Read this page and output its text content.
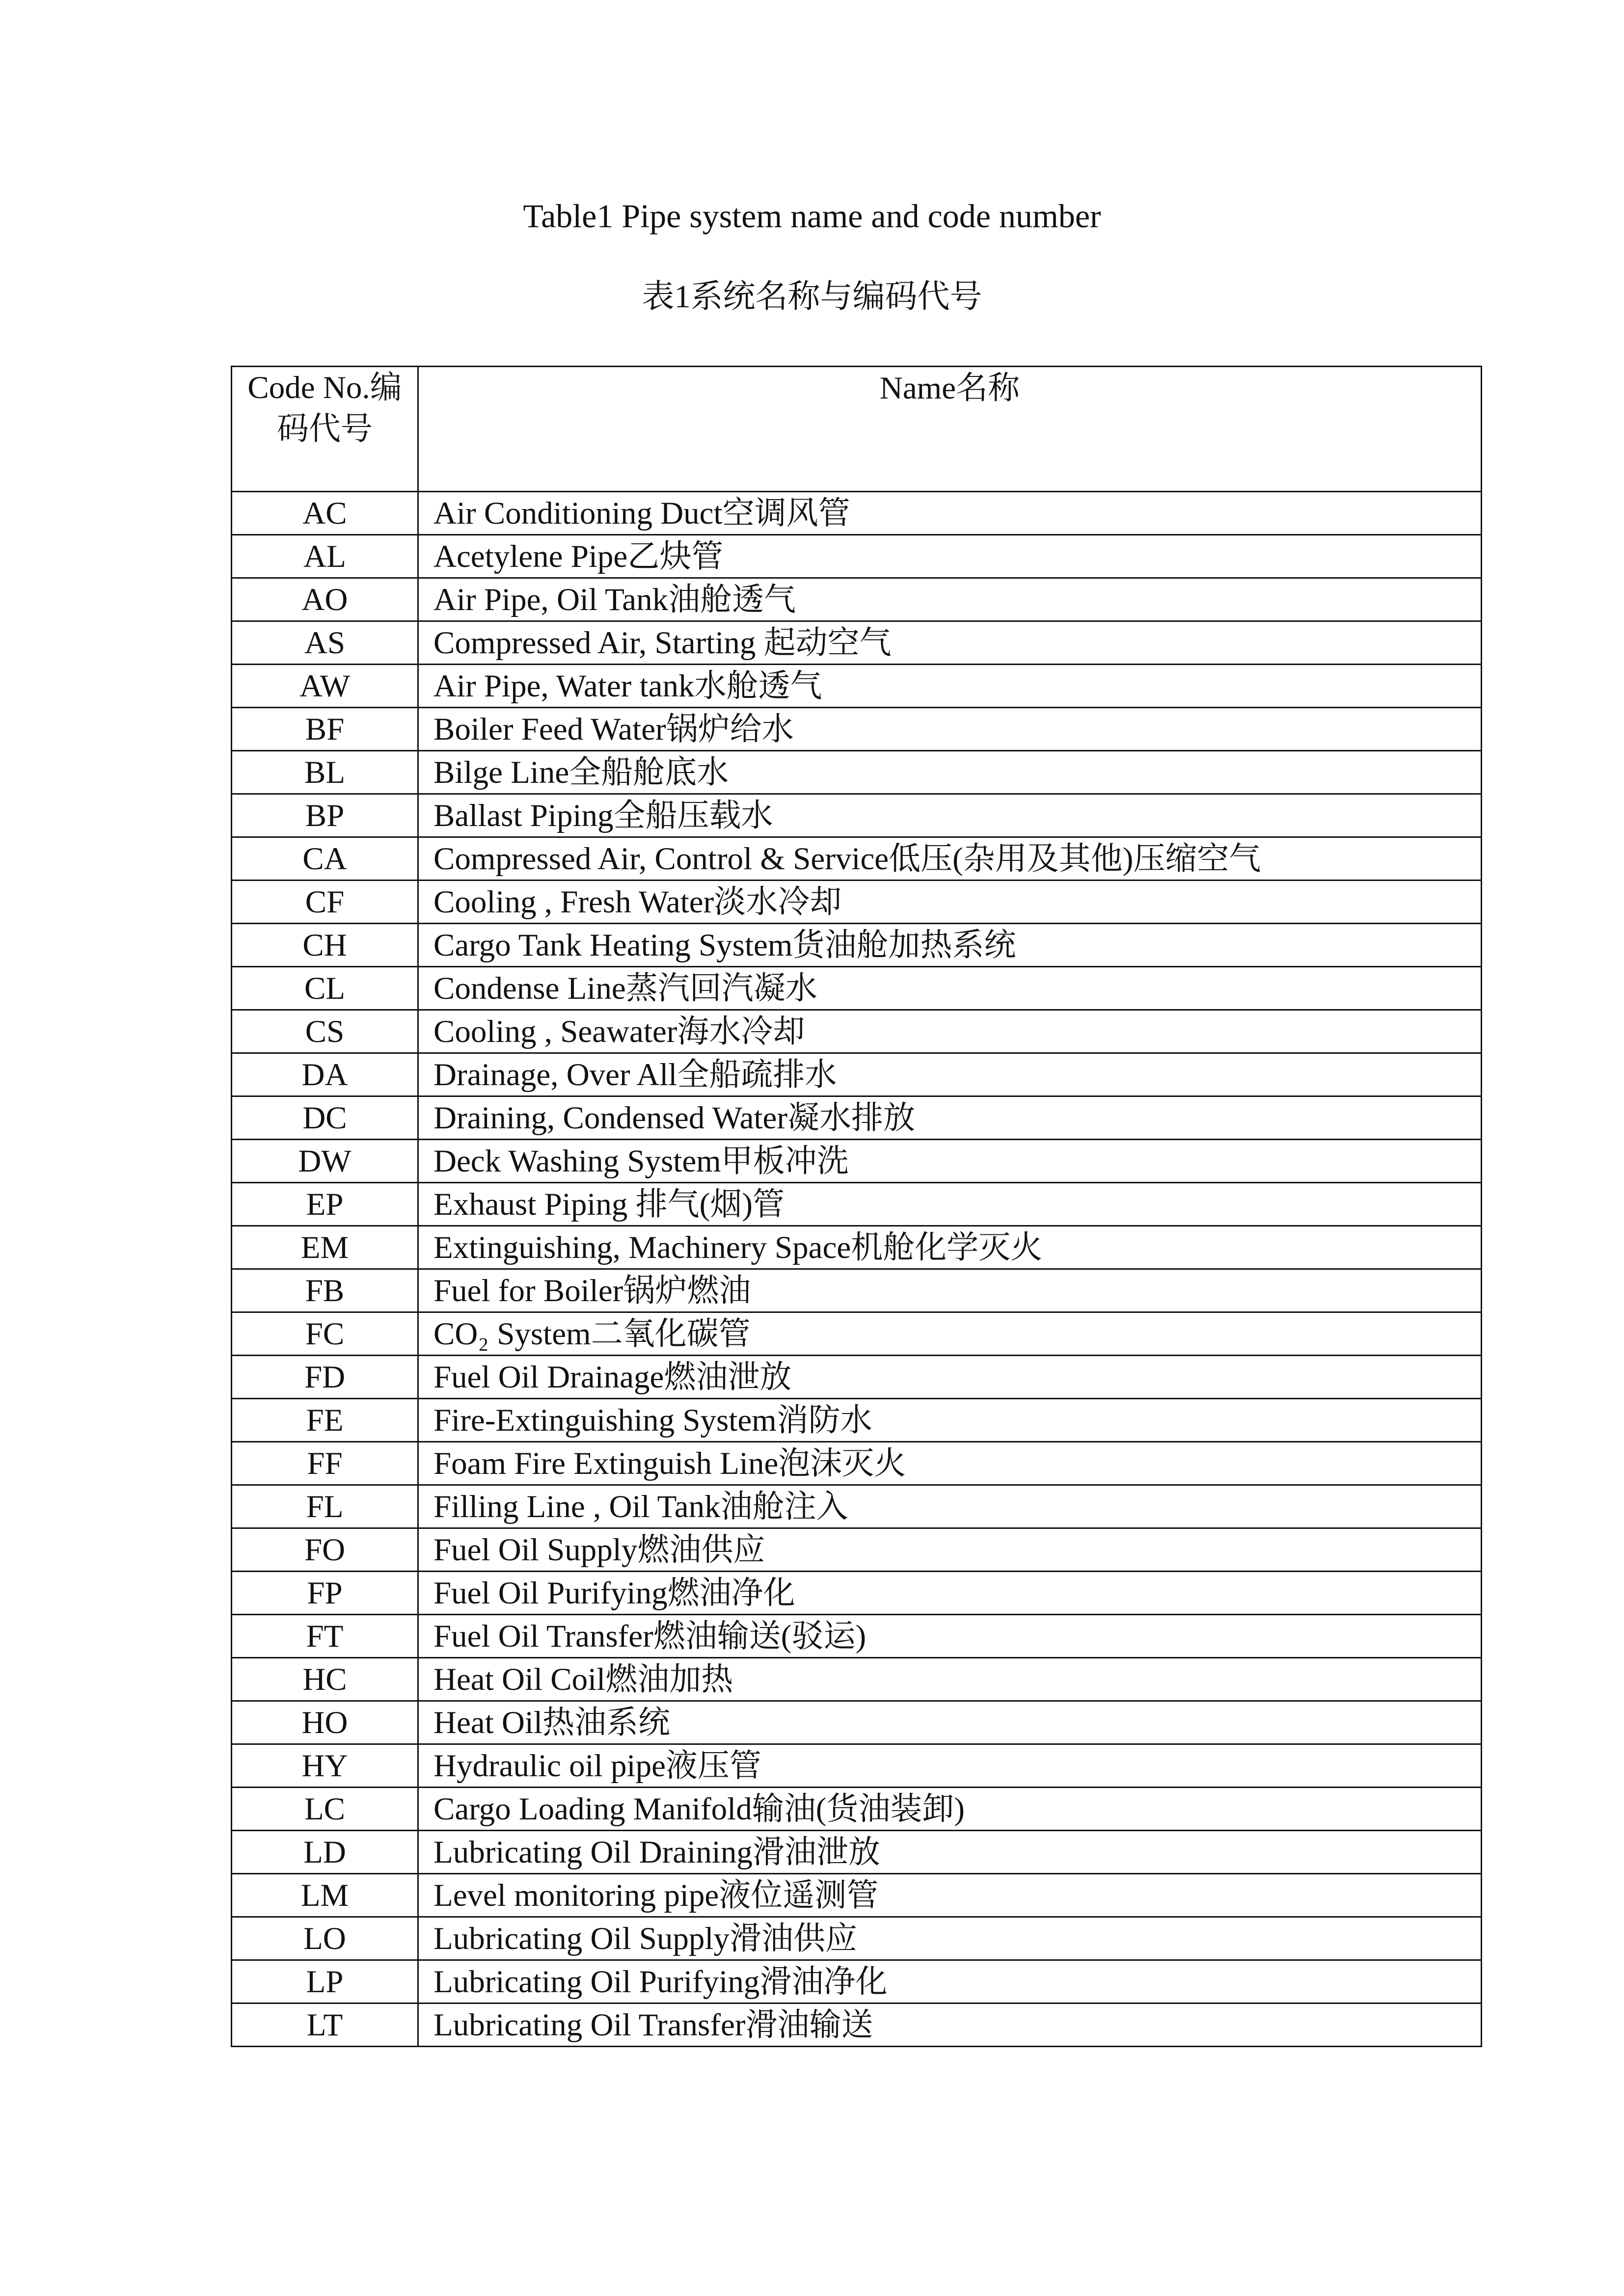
Table1 Pipe system name and code number
表1系统名称与编码代号
Code No.编码代号	Name名称
AC	Air Conditioning Duct空调风管
AL	Acetylene Pipe乙炔管
AO	Air Pipe, Oil Tank油舱透气
AS	Compressed Air, Starting 起动空气
AW	Air Pipe, Water tank水舱透气
BF	Boiler Feed Water锅炉给水
BL	Bilge Line全船舱底水
BP	Ballast Piping全船压载水
CA	Compressed Air, Control & Service低压(杂用及其他)压缩空气
CF	Cooling , Fresh Water淡水冷却
CH	Cargo Tank Heating System货油舱加热系统
CL	Condense Line蒸汽回汽凝水
CS	Cooling , Seawater海水冷却
DA	Drainage, Over All全船疏排水
DC	Draining, Condensed Water凝水排放
DW	Deck Washing System甲板冲洗
EP	Exhaust Piping 排气(烟)管
EM	Extinguishing, Machinery Space机舱化学灭火
FB	Fuel for Boiler锅炉燃油
FC	CO₂ System二氧化碳管
FD	Fuel Oil Drainage燃油泄放
FE	Fire-Extinguishing System消防水
FF	Foam Fire Extinguish Line泡沫灭火
FL	Filling Line , Oil Tank油舱注入
FO	Fuel Oil Supply燃油供应
FP	Fuel Oil Purifying燃油净化
FT	Fuel Oil Transfer燃油输送(驳运)
HC	Heat Oil Coil燃油加热
HO	Heat Oil热油系统
HY	Hydraulic oil pipe液压管
LC	Cargo Loading Manifold输油(货油装卸)
LD	Lubricating Oil Draining滑油泄放
LM	Level monitoring pipe液位遥测管
LO	Lubricating Oil Supply滑油供应
LP	Lubricating Oil Purifying滑油净化
LT	Lubricating Oil Transfer滑油输送
